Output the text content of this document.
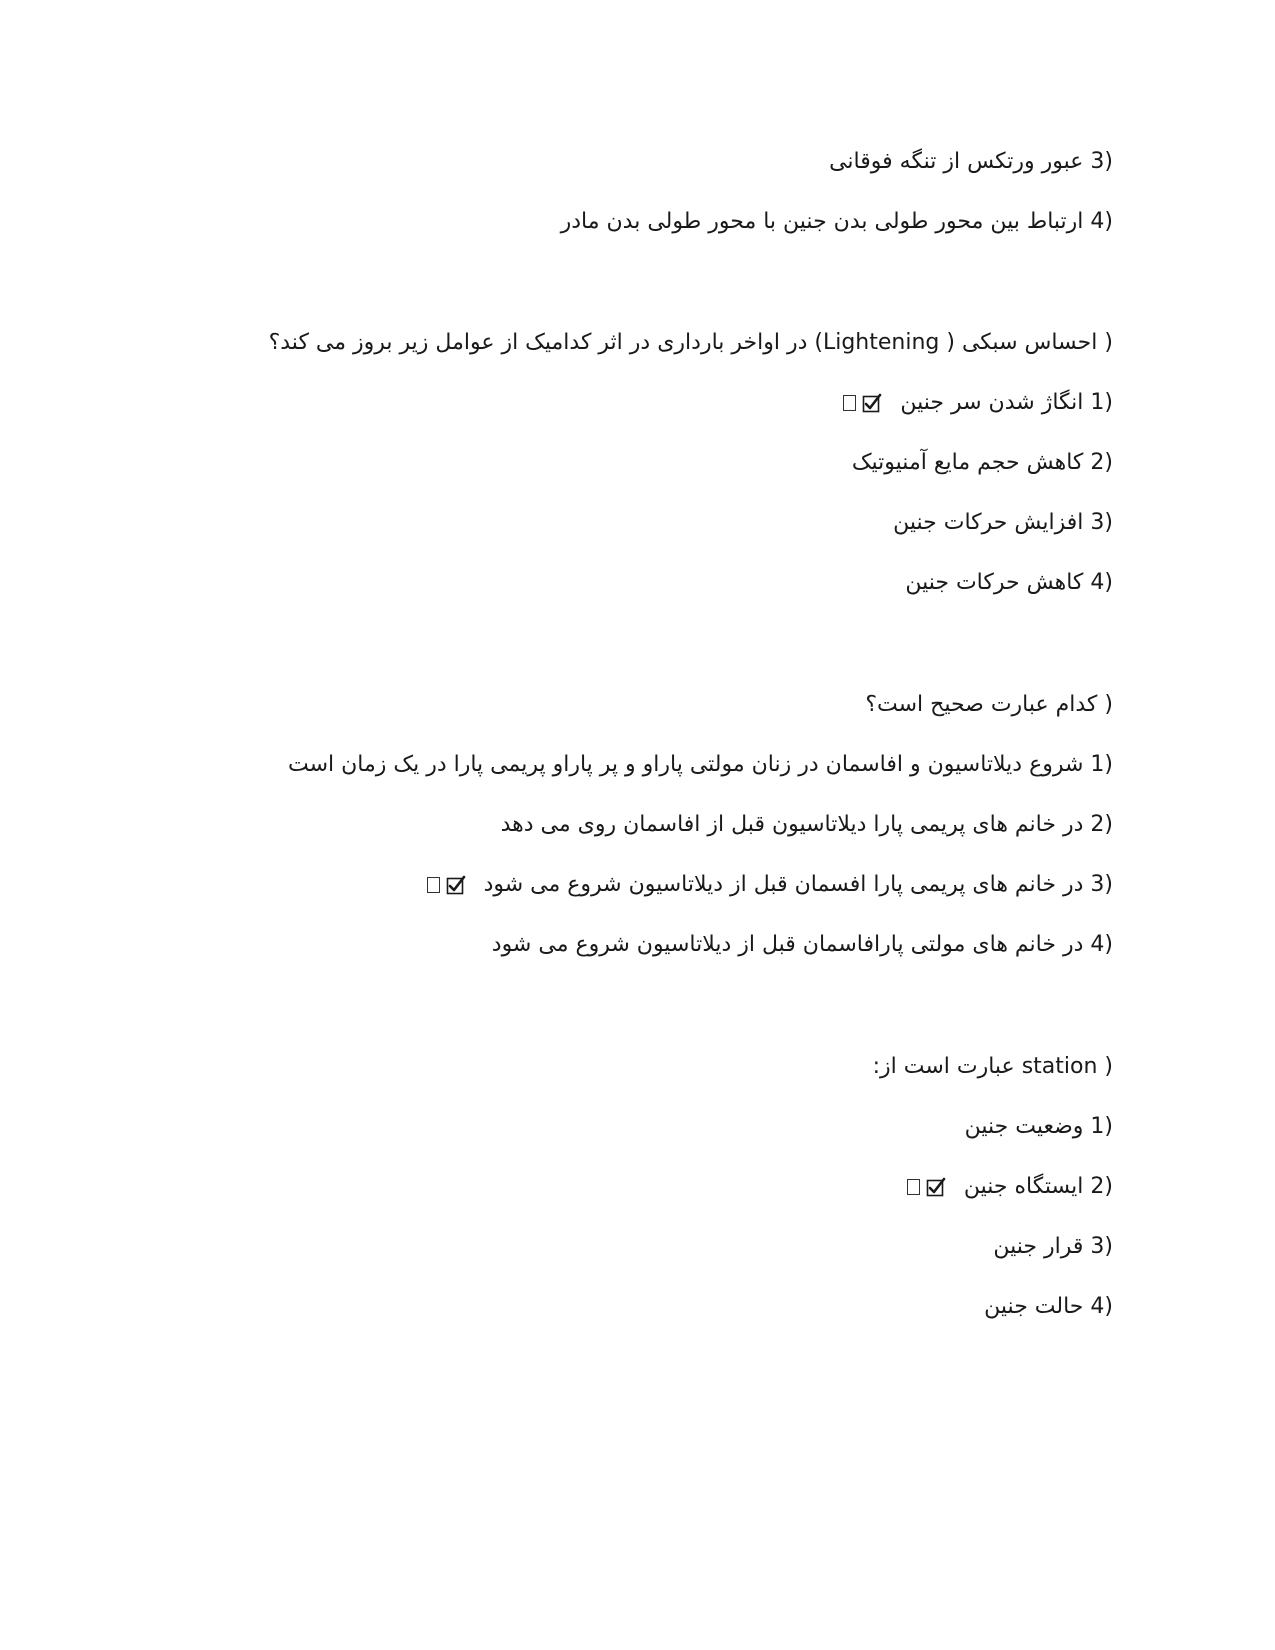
3) عبور ورتکس از تنگه فوقانی
4) ارتباط بین محور طولی بدن جنین با محور طولی بدن مادر
) احساس سبکی (Lightening ) در اواخر بارداری در اثر کدامیک از عوامل زیر بروز می کند؟
1) انگاژ شدن سر جنین
2) کاهش حجم مایع آمنیوتیک
3) افزایش حرکات جنین
4) کاهش حرکات جنین
) کدام عبارت صحیح است؟
1) شروع دیلاتاسیون و افاسمان در زنان مولتی پاراو و پر پاراو پریمی پارا در یک زمان است
2) در خانم های پریمی پارا دیلاتاسیون قبل از افاسمان روی می دهد
3) در خانم های پریمی پارا افسمان قبل از دیلاتاسیون شروع می شود
4) در خانم های مولتی پارافاسمان قبل از دیلاتاسیون شروع می شود
) station عبارت است از:
1) وضعیت جنین
2) ایستگاه جنین
3) قرار جنین
4) حالت جنین
